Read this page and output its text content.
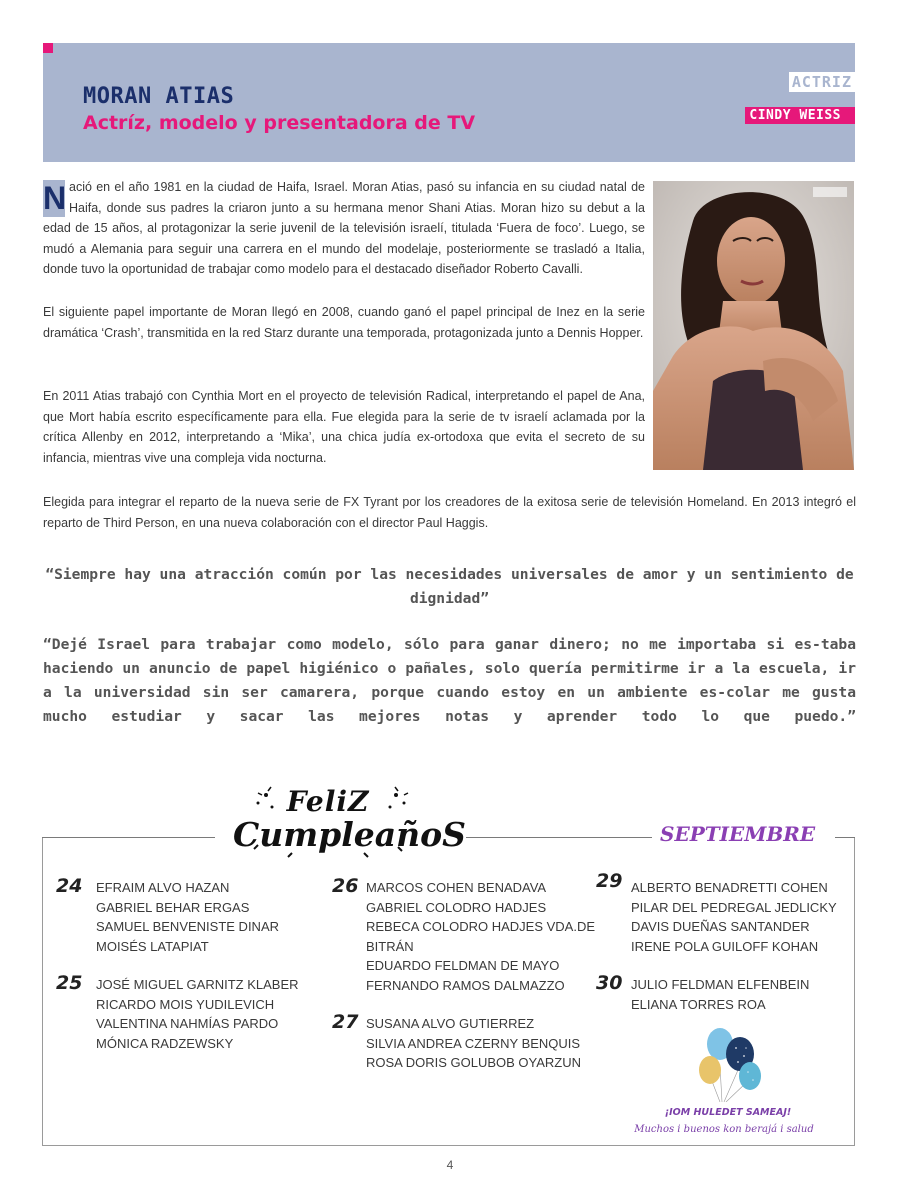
MORAN ATIAS
Actríz, modelo y presentadora de TV
ACTRIZ
CINDY WEISS
N ació en el año 1981 en la ciudad de Haifa, Israel. Moran Atias, pasó su infancia en su ciudad natal de Haifa, donde sus padres la criaron junto a su hermana menor Shani Atias. Moran hizo su debut a la edad de 15 años, al protagonizar la serie juvenil de la televisión israelí, titulada ‘Fuera de foco’. Luego, se mudó a Alemania para seguir una carrera en el mundo del modelaje, posteriormente se trasladó a Italia, donde tuvo la oportunidad de trabajar como modelo para el destacado diseñador Roberto Cavalli.
El siguiente papel importante de Moran llegó en 2008, cuando ganó el papel principal de Inez en la serie dramática ‘Crash’, transmitida en la red Starz durante una temporada, protagonizada junto a Dennis Hopper.
En 2011 Atias trabajó con Cynthia Mort en el proyecto de televisión Radical, interpretando el papel de Ana, que Mort había escrito específicamente para ella. Fue elegida para la serie de tv israelí aclamada por la crítica Allenby en 2012, interpretando a ‘Mika’, una chica judía ex-ortodoxa que evita el secreto de su infancia, mientras vive una compleja vida nocturna.
Elegida para integrar el reparto de la nueva serie de FX Tyrant por los creadores de la exitosa serie de televisión Homeland. En 2013 integró el reparto de Third Person, en una nueva colaboración con el director Paul Haggis.
“Siempre hay una atracción común por las necesidades universales de amor y un sentimiento de dignidad”
“Dejé Israel para trabajar como modelo, sólo para ganar dinero; no me importaba si es-taba haciendo un anuncio de papel higiénico o pañales, solo quería permitirme ir a la escuela, ir a la universidad sin ser camarera, porque cuando estoy en un ambiente es-colar me gusta mucho estudiar y sacar las mejores notas y aprender todo lo que puedo.”
FeliZ
CumpleañoS	SEPTIEMBRE
24 EFRAIM ALVO HAZAN
GABRIEL BEHAR ERGAS
SAMUEL BENVENISTE DINAR
MOISÉS LATAPIAT
25 JOSÉ MIGUEL GARNITZ KLABER
RICARDO MOIS YUDILEVICH
VALENTINA NAHMÍAS PARDO
MÓNICA RADZEWSKY
26 MARCOS COHEN BENADAVA
GABRIEL COLODRO HADJES
REBECA COLODRO HADJES VDA.DE
BITRÁN
EDUARDO FELDMAN DE MAYO
FERNANDO RAMOS DALMAZZO
27 SUSANA ALVO GUTIERREZ
SILVIA ANDREA CZERNY BENQUIS
ROSA DORIS GOLUBOB OYARZUN
29 ALBERTO BENADRETTI COHEN
PILAR DEL PEDREGAL JEDLICKY
DAVIS DUEÑAS SANTANDER
IRENE POLA GUILOFF KOHAN
30 JULIO FELDMAN ELFENBEIN
ELIANA TORRES ROA
¡IOM HULEDET SAMEAJ!
Muchos i buenos kon berajá i salud
4
